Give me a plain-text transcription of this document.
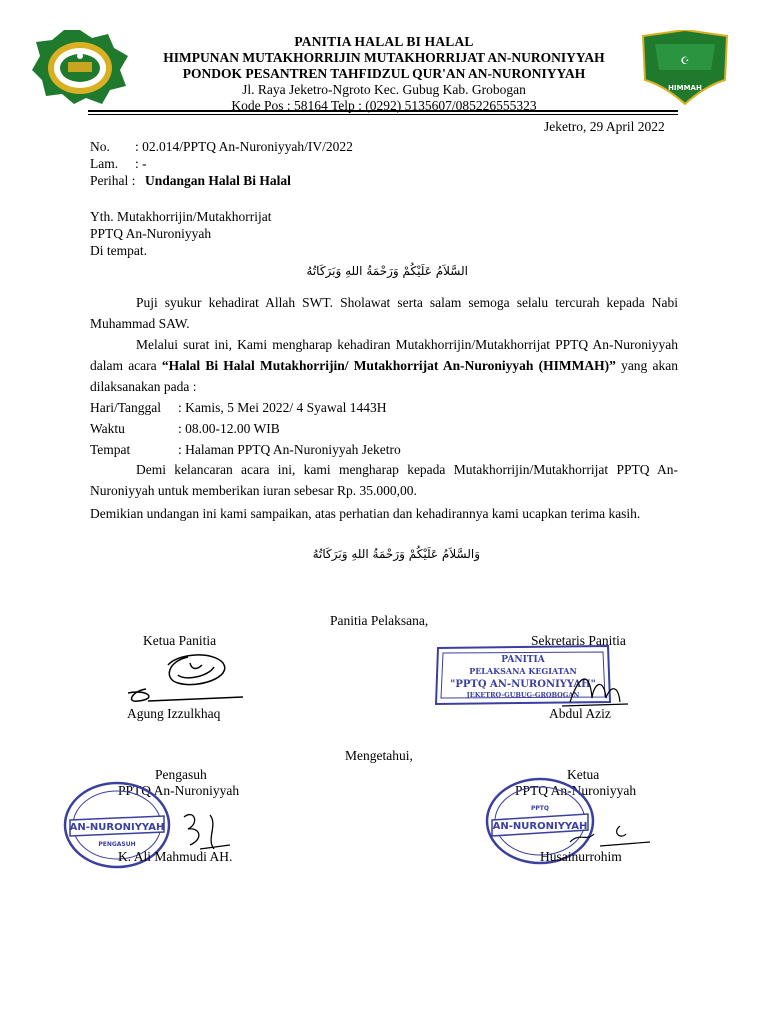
☪
HIMMAH
PANITIA HALAL BI HALAL
HIMPUNAN MUTAKHORRIJIN MUTAKHORRIJAT AN-NURONIYYAH
PONDOK PESANTREN TAHFIDZUL QUR'AN AN-NURONIYYAH
Jl. Raya Jeketro-Ngroto Kec. Gubug Kab. Grobogan
Kode Pos : 58164 Telp : (0292) 5135607/085226555323
Jeketro, 29 April 2022
No. : 02.014/PPTQ An-Nuroniyyah/IV/2022
Lam. : -
Perihal : Undangan Halal Bi Halal
Yth. Mutakhorrijin/Mutakhorrijat
PPTQ An-Nuroniyyah
Di tempat.
السَّلاَمُ عَلَيْكُمْ وَرَحْمَةُ اللهِ وَبَرَكَاتُهُ
Puji syukur kehadirat Allah SWT. Sholawat serta salam semoga selalu tercurah kepada Nabi Muhammad SAW.
Melalui surat ini, Kami mengharap kehadiran Mutakhorrijin/Mutakhorrijat PPTQ An-Nuroniyyah dalam acara “Halal Bi Halal Mutakhorrijin/ Mutakhorrijat An-Nuroniyyah (HIMMAH)” yang akan dilaksanakan pada :
Hari/Tanggal : Kamis, 5 Mei 2022/ 4 Syawal 1443H
Waktu	: 08.00-12.00 WIB
Tempat	: Halaman PPTQ An-Nuroniyyah Jeketro
Demi kelancaran acara ini, kami mengharap kepada Mutakhorrijin/Mutakhorrijat PPTQ An-Nuroniyyah untuk memberikan iuran sebesar Rp. 35.000,00.
Demikian undangan ini kami sampaikan, atas perhatian dan kehadirannya kami ucapkan terima kasih.
وَالسَّلاَمُ عَلَيْكُمْ وَرَحْمَةُ اللهِ وَبَرَكَاتُهُ
Panitia Pelaksana,
Ketua Panitia	Sekretaris Panitia
Agung Izzulkhaq
PANITIA
PELAKSANA KEGIATAN
"PPTQ AN-NURONIYYAH"
JEKETRO-GUBUG-GROBOGAN
Abdul Aziz
Mengetahui,
Pengasuh
PPTQ An-Nuroniyyah
Ketua
PPTQ An-Nuroniyyah
AN-NURONIYYAH
PENGASUH
K. Ali Mahmudi AH.
PPTQ
AN-NURONIYYAH
Husainurrohim
